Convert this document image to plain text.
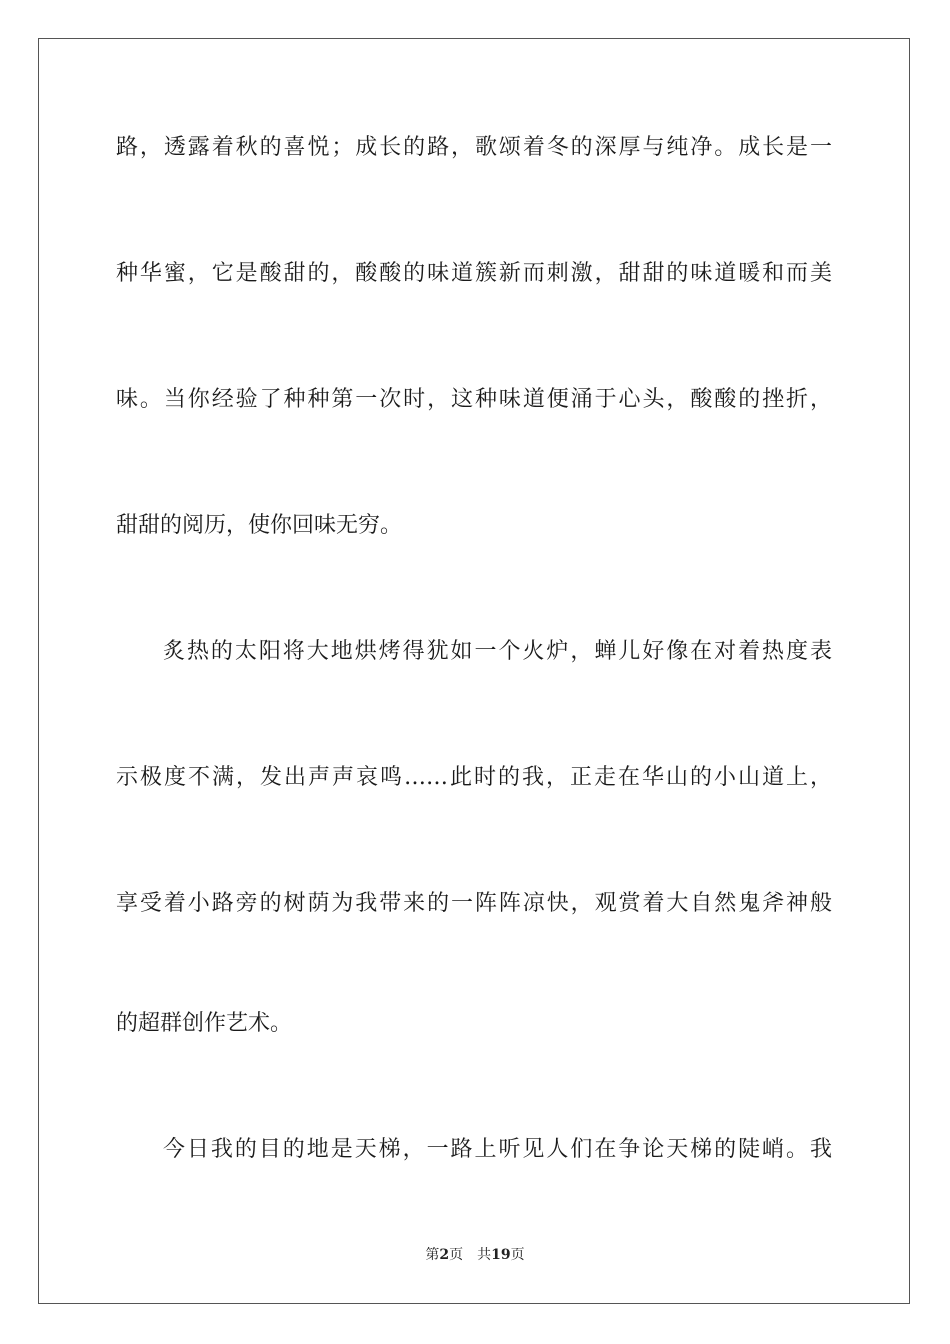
路，透露着秋的喜悦；成长的路，歌颂着冬的深厚与纯净。成长是一
种华蜜，它是酸甜的，酸酸的味道簇新而刺激，甜甜的味道暖和而美
味。当你经验了种种第一次时，这种味道便涌于心头，酸酸的挫折，
甜甜的阅历，使你回味无穷。
炙热的太阳将大地烘烤得犹如一个火炉，蝉儿好像在对着热度表
示极度不满，发出声声哀鸣……此时的我，正走在华山的小山道上，
享受着小路旁的树荫为我带来的一阵阵凉快，观赏着大自然鬼斧神般
的超群创作艺术。
今日我的目的地是天梯，一路上听见人们在争论天梯的陡峭。我
第2页 共19页
